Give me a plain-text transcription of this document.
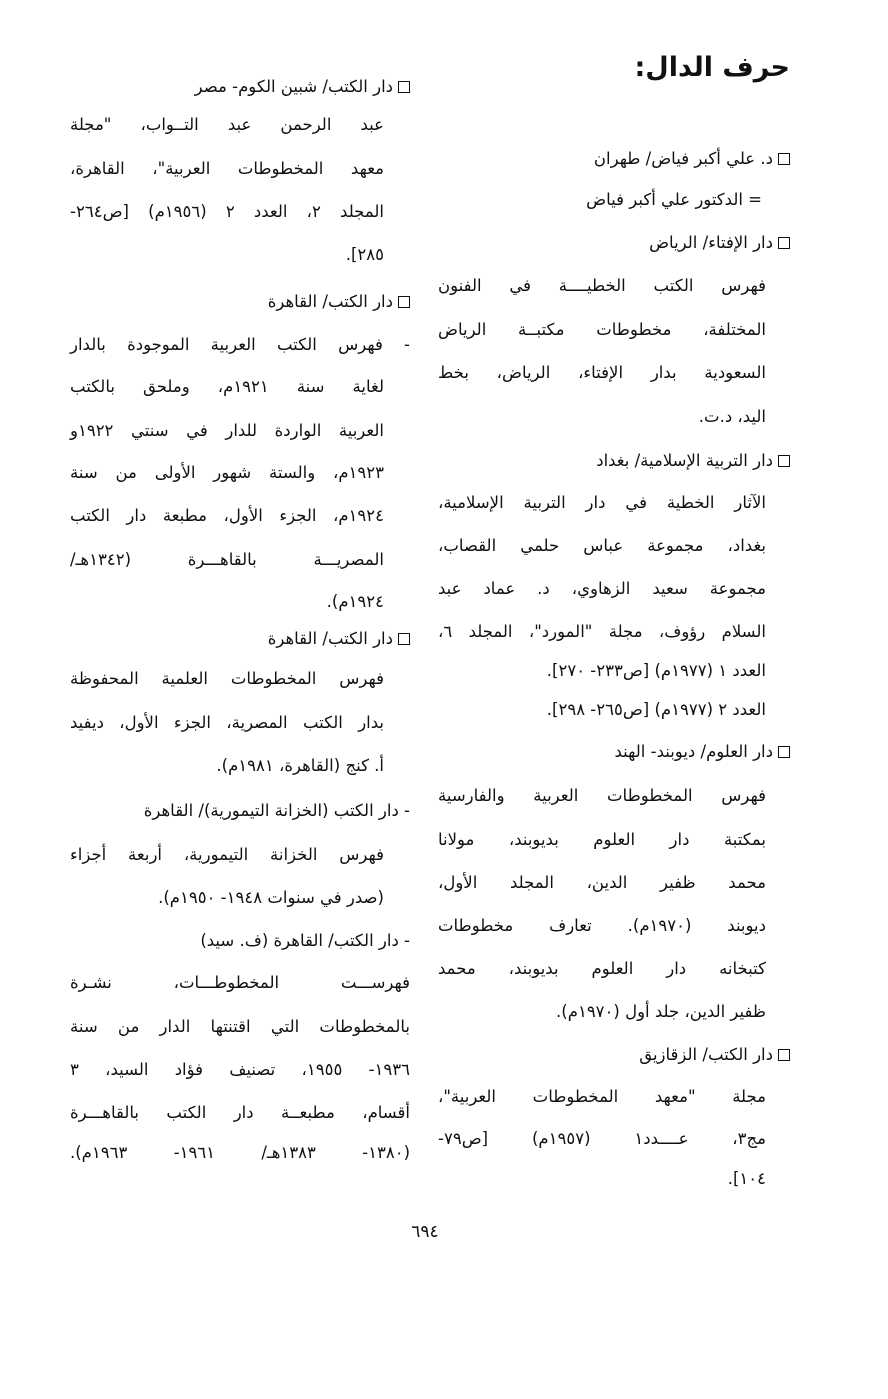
حرف الدال:
د. علي أكبر فياض/ طهران
= الدكتور علي أكبر فياض
دار الإفتاء/ الرياض
فهرس الكتب الخطيــــة في الفنون
المختلفة، مخطوطات مكتبــة الرياض
السعودية بدار الإفتاء، الرياض، بخط
اليد، د.ت.
دار التربية الإسلامية/ بغداد
الآثار الخطية في دار التربية الإسلامية،
بغداد، مجموعة عباس حلمي القصاب،
مجموعة سعيد الزهاوي، د. عماد عبد
السلام رؤوف، مجلة "المورد"، المجلد ٦،
العدد ١ (١٩٧٧م) [ص٢٣٣- ٢٧٠].
العدد ٢ (١٩٧٧م) [ص٢٦٥- ٢٩٨].
دار العلوم/ ديوبند- الهند
فهرس المخطوطات العربية والفارسية
بمكتبة دار العلوم بديوبند، مولانا
محمد ظفير الدين، المجلد الأول،
ديوبند (١٩٧٠م). تعارف مخطوطات
كتبخانه دار العلوم بديوبند، محمد
ظفير الدين، جلد أول (١٩٧٠م).
دار الكتب/ الزقازيق
مجلة "معهد المخطوطات العربية"،
مج٣، عــــدد١ (١٩٥٧م) [ص٧٩-
١٠٤].
دار الكتب/ شبين الكوم- مصر
عبد الرحمن عبد التــواب، "مجلة
معهد المخطوطات العربية"، القاهرة،
المجلد ٢، العدد ٢ (١٩٥٦م) [ص٢٦٤-
٢٨٥].
دار الكتب/ القاهرة
- فهرس الكتب العربية الموجودة بالدار
لغاية سنة ١٩٢١م، وملحق بالكتب
العربية الواردة للدار في سنتي ١٩٢٢و
١٩٢٣م، والستة شهور الأولى من سنة
١٩٢٤م، الجزء الأول، مطبعة دار الكتب
المصريـــة بالقاهـــرة (١٣٤٢هـ/
١٩٢٤م).
دار الكتب/ القاهرة
فهرس المخطوطات العلمية المحفوظة
بدار الكتب المصرية، الجزء الأول، ديفيد
أ. كنج (القاهرة، ١٩٨١م).
- دار الكتب (الخزانة التيمورية)/ القاهرة
فهرس الخزانة التيمورية، أربعة أجزاء
(صدر في سنوات ١٩٤٨- ١٩٥٠م).
- دار الكتب/ القاهرة (ف. سيد)
فهرســـت المخطوطـــات، نشـرة
بالمخطوطات التي اقتنتها الدار من سنة
١٩٣٦- ١٩٥٥، تصنيف فؤاد السيد، ٣
أقسام، مطبعــة دار الكتب بالقاهـــرة
(١٣٨٠- ١٣٨٣هـ/ ١٩٦١- ١٩٦٣م).
٦٩٤
